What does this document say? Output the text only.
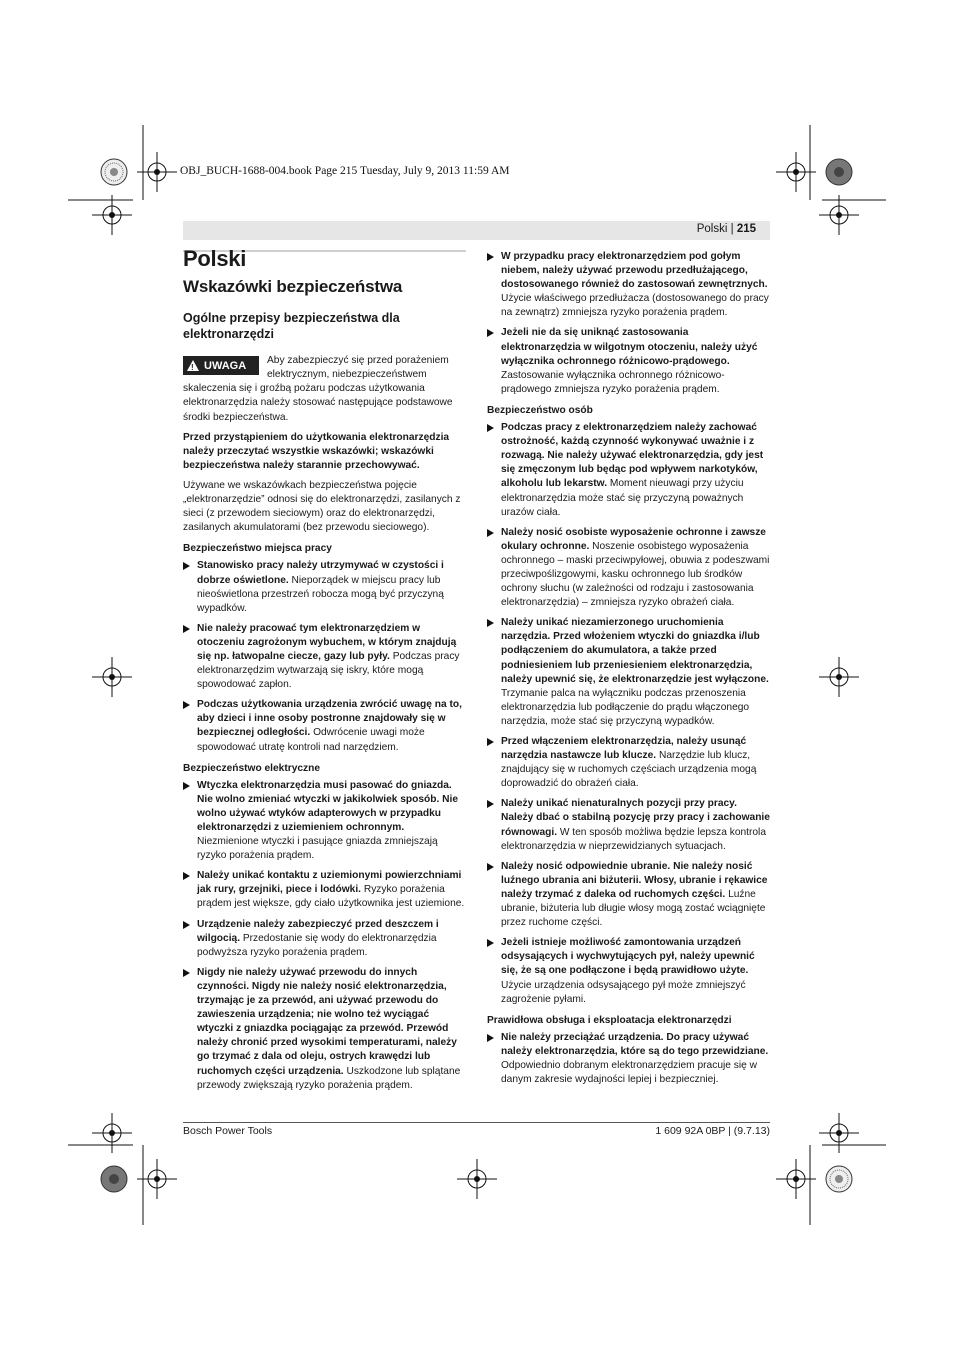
OBJ_BUCH-1688-004.book Page 215 Tuesday, July 9, 2013 11:59 AM
Polski | 215
Polski
Wskazówki bezpieczeństwa
Ogólne przepisy bezpieczeństwa dla elektronarzędzi
!
UWAGA	Aby zabezpieczyć się przed porażeniem elektrycznym, niebezpieczeństwem skaleczenia się i groźbą pożaru podczas użytkowania elektronarzędzia należy stosować następujące podstawowe środki bezpieczeństwa.

Przed przystąpieniem do użytkowania elektronarzędzia należy przeczytać wszystkie wskazówki; wskazówki bezpieczeństwa należy starannie przechowywać.

Używane we wskazówkach bezpieczeństwa pojęcie „elektronarzędzie” odnosi się do elektronarzędzi, zasilanych z sieci (z przewodem sieciowym) oraz do elektronarzędzi, zasilanych akumulatorami (bez przewodu sieciowego).

Bezpieczeństwo miejsca pracy
Stanowisko pracy należy utrzymywać w czystości i dobrze oświetlone. Nieporządek w miejscu pracy lub nieoświetlona przestrzeń robocza mogą być przyczyną wypadków.
Nie należy pracować tym elektronarzędziem w otoczeniu zagrożonym wybuchem, w którym znajdują się np. łatwopalne ciecze, gazy lub pyły. Podczas pracy elektronarzędzim wytwarzają się iskry, które mogą spowodować zapłon.
Podczas użytkowania urządzenia zwrócić uwagę na to, aby dzieci i inne osoby postronne znajdowały się w bezpiecznej odległości. Odwrócenie uwagi może spowodować utratę kontroli nad narzędziem.
Bezpieczeństwo elektryczne
Wtyczka elektronarzędzia musi pasować do gniazda. Nie wolno zmieniać wtyczki w jakikolwiek sposób. Nie wolno używać wtyków adapterowych w przypadku elektronarzędzi z uziemieniem ochronnym. Niezmienione wtyczki i pasujące gniazda zmniejszają ryzyko porażenia prądem.
Należy unikać kontaktu z uziemionymi powierzchniami jak rury, grzejniki, piece i lodówki. Ryzyko porażenia prądem jest większe, gdy ciało użytkownika jest uziemione.
Urządzenie należy zabezpieczyć przed deszczem i wilgocią. Przedostanie się wody do elektronarzędzia podwyższa ryzyko porażenia prądem.
Nigdy nie należy używać przewodu do innych czynności. Nigdy nie należy nosić elektronarzędzia, trzymając je za przewód, ani używać przewodu do zawieszenia urządzenia; nie wolno też wyciągać wtyczki z gniazdka pociągając za przewód. Przewód należy chronić przed wysokimi temperaturami, należy go trzymać z dala od oleju, ostrych krawędzi lub ruchomych części urządzenia. Uszkodzone lub splątane przewody zwiększają ryzyko porażenia prądem.
W przypadku pracy elektronarzędziem pod gołym niebem, należy używać przewodu przedłużającego, dostosowanego również do zastosowań zewnętrznych. Użycie właściwego przedłużacza (dostosowanego do pracy na zewnątrz) zmniejsza ryzyko porażenia prądem.
Jeżeli nie da się uniknąć zastosowania elektronarzędzia w wilgotnym otoczeniu, należy użyć wyłącznika ochronnego różnicowo-prądowego. Zastosowanie wyłącznika ochronnego różnicowo-prądowego zmniejsza ryzyko porażenia prądem.
Bezpieczeństwo osób
Podczas pracy z elektronarzędziem należy zachować ostrożność, każdą czynność wykonywać uważnie i z rozwagą. Nie należy używać elektronarzędzia, gdy jest się zmęczonym lub będąc pod wpływem narkotyków, alkoholu lub lekarstw. Moment nieuwagi przy użyciu elektronarzędzia może stać się przyczyną poważnych urazów ciała.
Należy nosić osobiste wyposażenie ochronne i zawsze okulary ochronne. Noszenie osobistego wyposażenia ochronnego – maski przeciwpyłowej, obuwia z podeszwami przeciwpoślizgowymi, kasku ochronnego lub środków ochrony słuchu (w zależności od rodzaju i zastosowania elektronarzędzia) – zmniejsza ryzyko obrażeń ciała.
Należy unikać niezamierzonego uruchomienia narzędzia. Przed włożeniem wtyczki do gniazdka i/lub podłączeniem do akumulatora, a także przed podniesieniem lub przeniesieniem elektronarzędzia, należy upewnić się, że elektronarzędzie jest wyłączone. Trzymanie palca na wyłączniku podczas przenoszenia elektronarzędzia lub podłączenie do prądu włączonego narzędzia, może stać się przyczyną wypadków.
Przed włączeniem elektronarzędzia, należy usunąć narzędzia nastawcze lub klucze. Narzędzie lub klucz, znajdujący się w ruchomych częściach urządzenia mogą doprowadzić do obrażeń ciała.
Należy unikać nienaturalnych pozycji przy pracy. Należy dbać o stabilną pozycję przy pracy i zachowanie równowagi. W ten sposób możliwa będzie lepsza kontrola elektronarzędzia w nieprzewidzianych sytuacjach.
Należy nosić odpowiednie ubranie. Nie należy nosić luźnego ubrania ani biżuterii. Włosy, ubranie i rękawice należy trzymać z daleka od ruchomych części. Luźne ubranie, biżuteria lub długie włosy mogą zostać wciągnięte przez ruchome części.
Jeżeli istnieje możliwość zamontowania urządzeń odsysających i wychwytujących pył, należy upewnić się, że są one podłączone i będą prawidłowo użyte. Użycie urządzenia odsysającego pył może zmniejszyć zagrożenie pyłami.
Prawidłowa obsługa i eksploatacja elektronarzędzi
Nie należy przeciążać urządzenia. Do pracy używać należy elektronarzędzia, które są do tego przewidziane. Odpowiednio dobranym elektronarzędziem pracuje się w danym zakresie wydajności lepiej i bezpieczniej.
Bosch Power Tools	1 609 92A 0BP | (9.7.13)
